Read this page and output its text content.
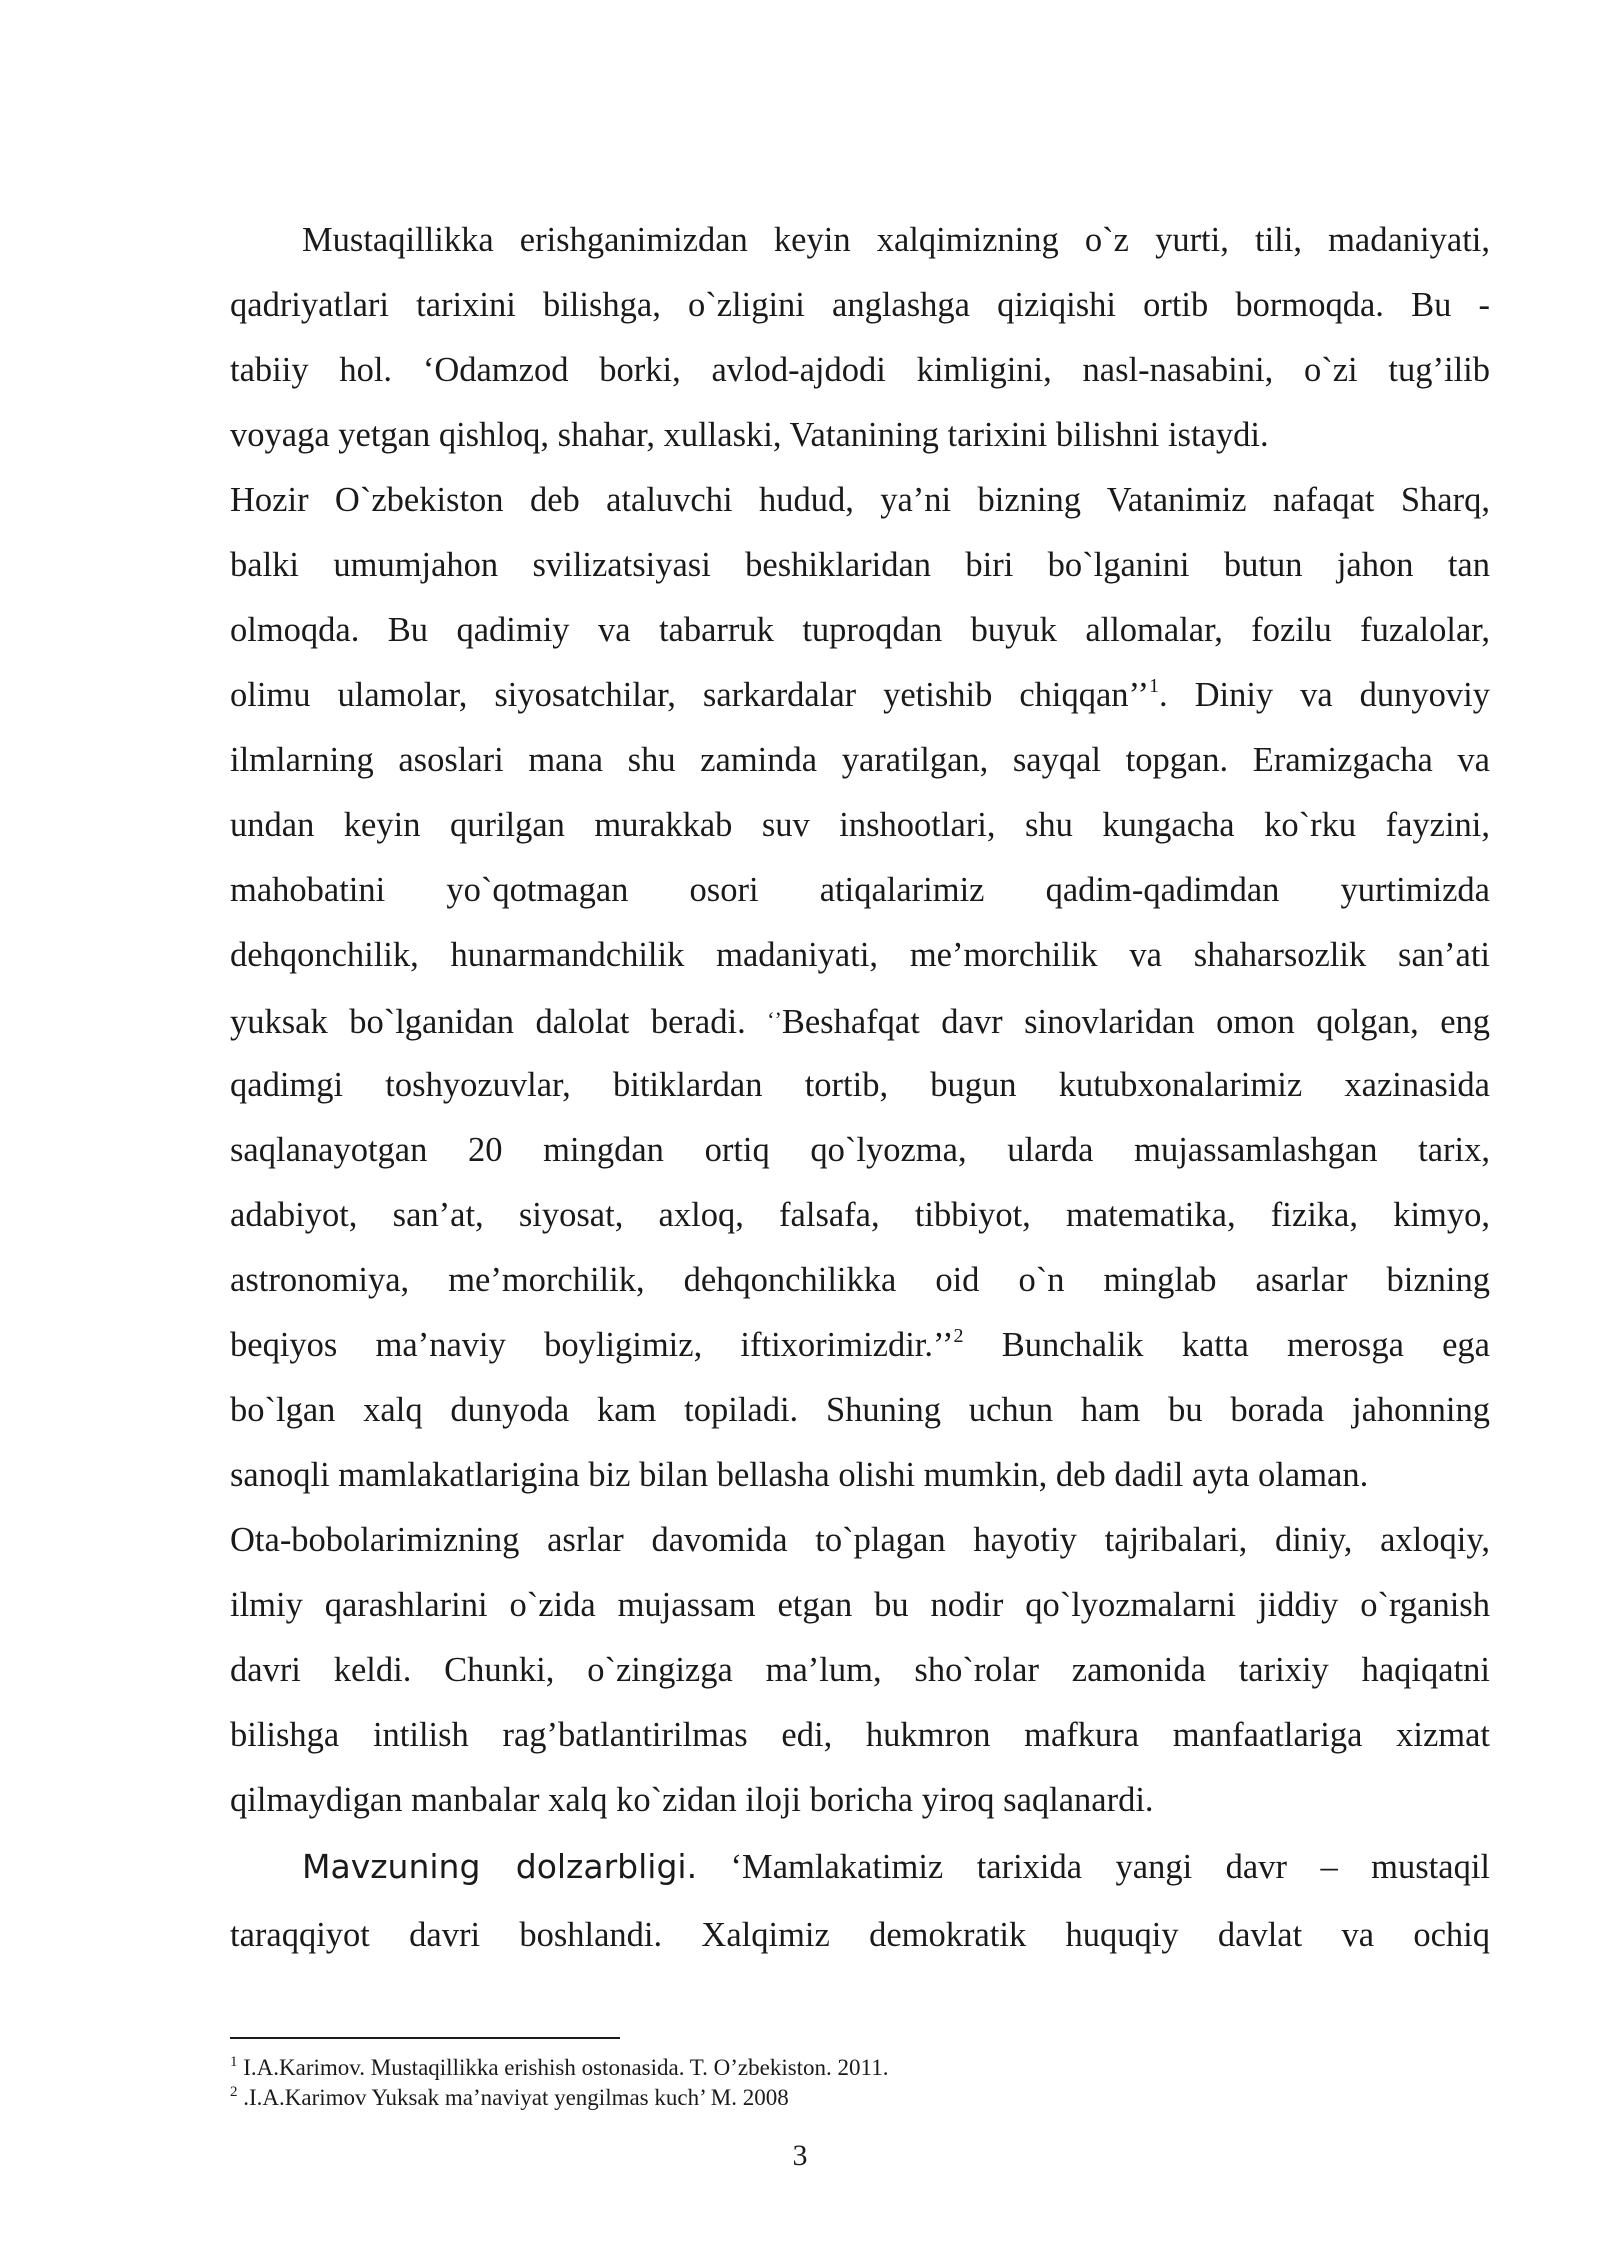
Mustaqillikka erishganimizdan keyin xalqimizning o`z yurti, tili, madaniyati,
qadriyatlari tarixini bilishga, o`zligini anglashga qiziqishi ortib bormoqda. Bu -
tabiiy hol. ‘Odamzod borki, avlod-ajdodi kimligini, nasl-nasabini, o`zi tug’ilib
voyaga yetgan qishloq, shahar, xullaski, Vatanining tarixini bilishni istaydi.
Hozir O`zbekiston deb ataluvchi hudud, ya’ni bizning Vatanimiz nafaqat Sharq,
balki umumjahon svilizatsiyasi beshiklaridan biri bo`lganini butun jahon tan
olmoqda. Bu qadimiy va tabarruk tuproqdan buyuk allomalar, fozilu fuzalolar,
olimu ulamolar, siyosatchilar, sarkardalar yetishib chiqqan’’$^1$. Diniy va dunyoviy
ilmlarning asoslari mana shu zaminda yaratilgan, sayqal topgan. Eramizgacha va
undan keyin qurilgan murakkab suv inshootlari, shu kungacha ko`rku fayzini,
mahobatini yo`qotmagan osori atiqalarimiz qadim-qadimdan yurtimizda
dehqonchilik, hunarmandchilik madaniyati, me’morchilik va shaharsozlik san’ati
yuksak bo`lganidan dalolat beradi. ‘’Beshafqat davr sinovlaridan omon qolgan, eng
qadimgi toshyozuvlar, bitiklardan tortib, bugun kutubxonalarimiz xazinasida
saqlanayotgan 20 mingdan ortiq qo`lyozma, ularda mujassamlashgan tarix,
adabiyot, san’at, siyosat, axloq, falsafa, tibbiyot, matematika, fizika, kimyo,
astronomiya, me’morchilik, dehqonchilikka oid o`n minglab asarlar bizning
beqiyos ma’naviy boyligimiz, iftixorimizdir.’’$^2$ Bunchalik katta merosga ega
bo`lgan xalq dunyoda kam topiladi. Shuning uchun ham bu borada jahonning
sanoqli mamlakatlarigina biz bilan bellasha olishi mumkin, deb dadil ayta olaman.
Ota-bobolarimizning asrlar davomida to`plagan hayotiy tajribalari, diniy, axloqiy,
ilmiy qarashlarini o`zida mujassam etgan bu nodir qo`lyozmalarni jiddiy o`rganish
davri keldi. Chunki, o`zingizga ma’lum, sho`rolar zamonida tarixiy haqiqatni
bilishga intilish rag’batlantirilmas edi, hukmron mafkura manfaatlariga xizmat
qilmaydigan manbalar xalq ko`zidan iloji boricha yiroq saqlanardi.
Mavzuning dolzarbligi. ‘Mamlakatimiz tarixida yangi davr – mustaqil
taraqqiyot davri boshlandi. Xalqimiz demokratik huquqiy davlat va ochiq
$^1$ I.A.Karimov. Mustaqillikka erishish ostonasida. T. O’zbekiston. 2011.
$^2$ .I.A.Karimov Yuksak ma’naviyat yengilmas kuch’ M. 2008
3
